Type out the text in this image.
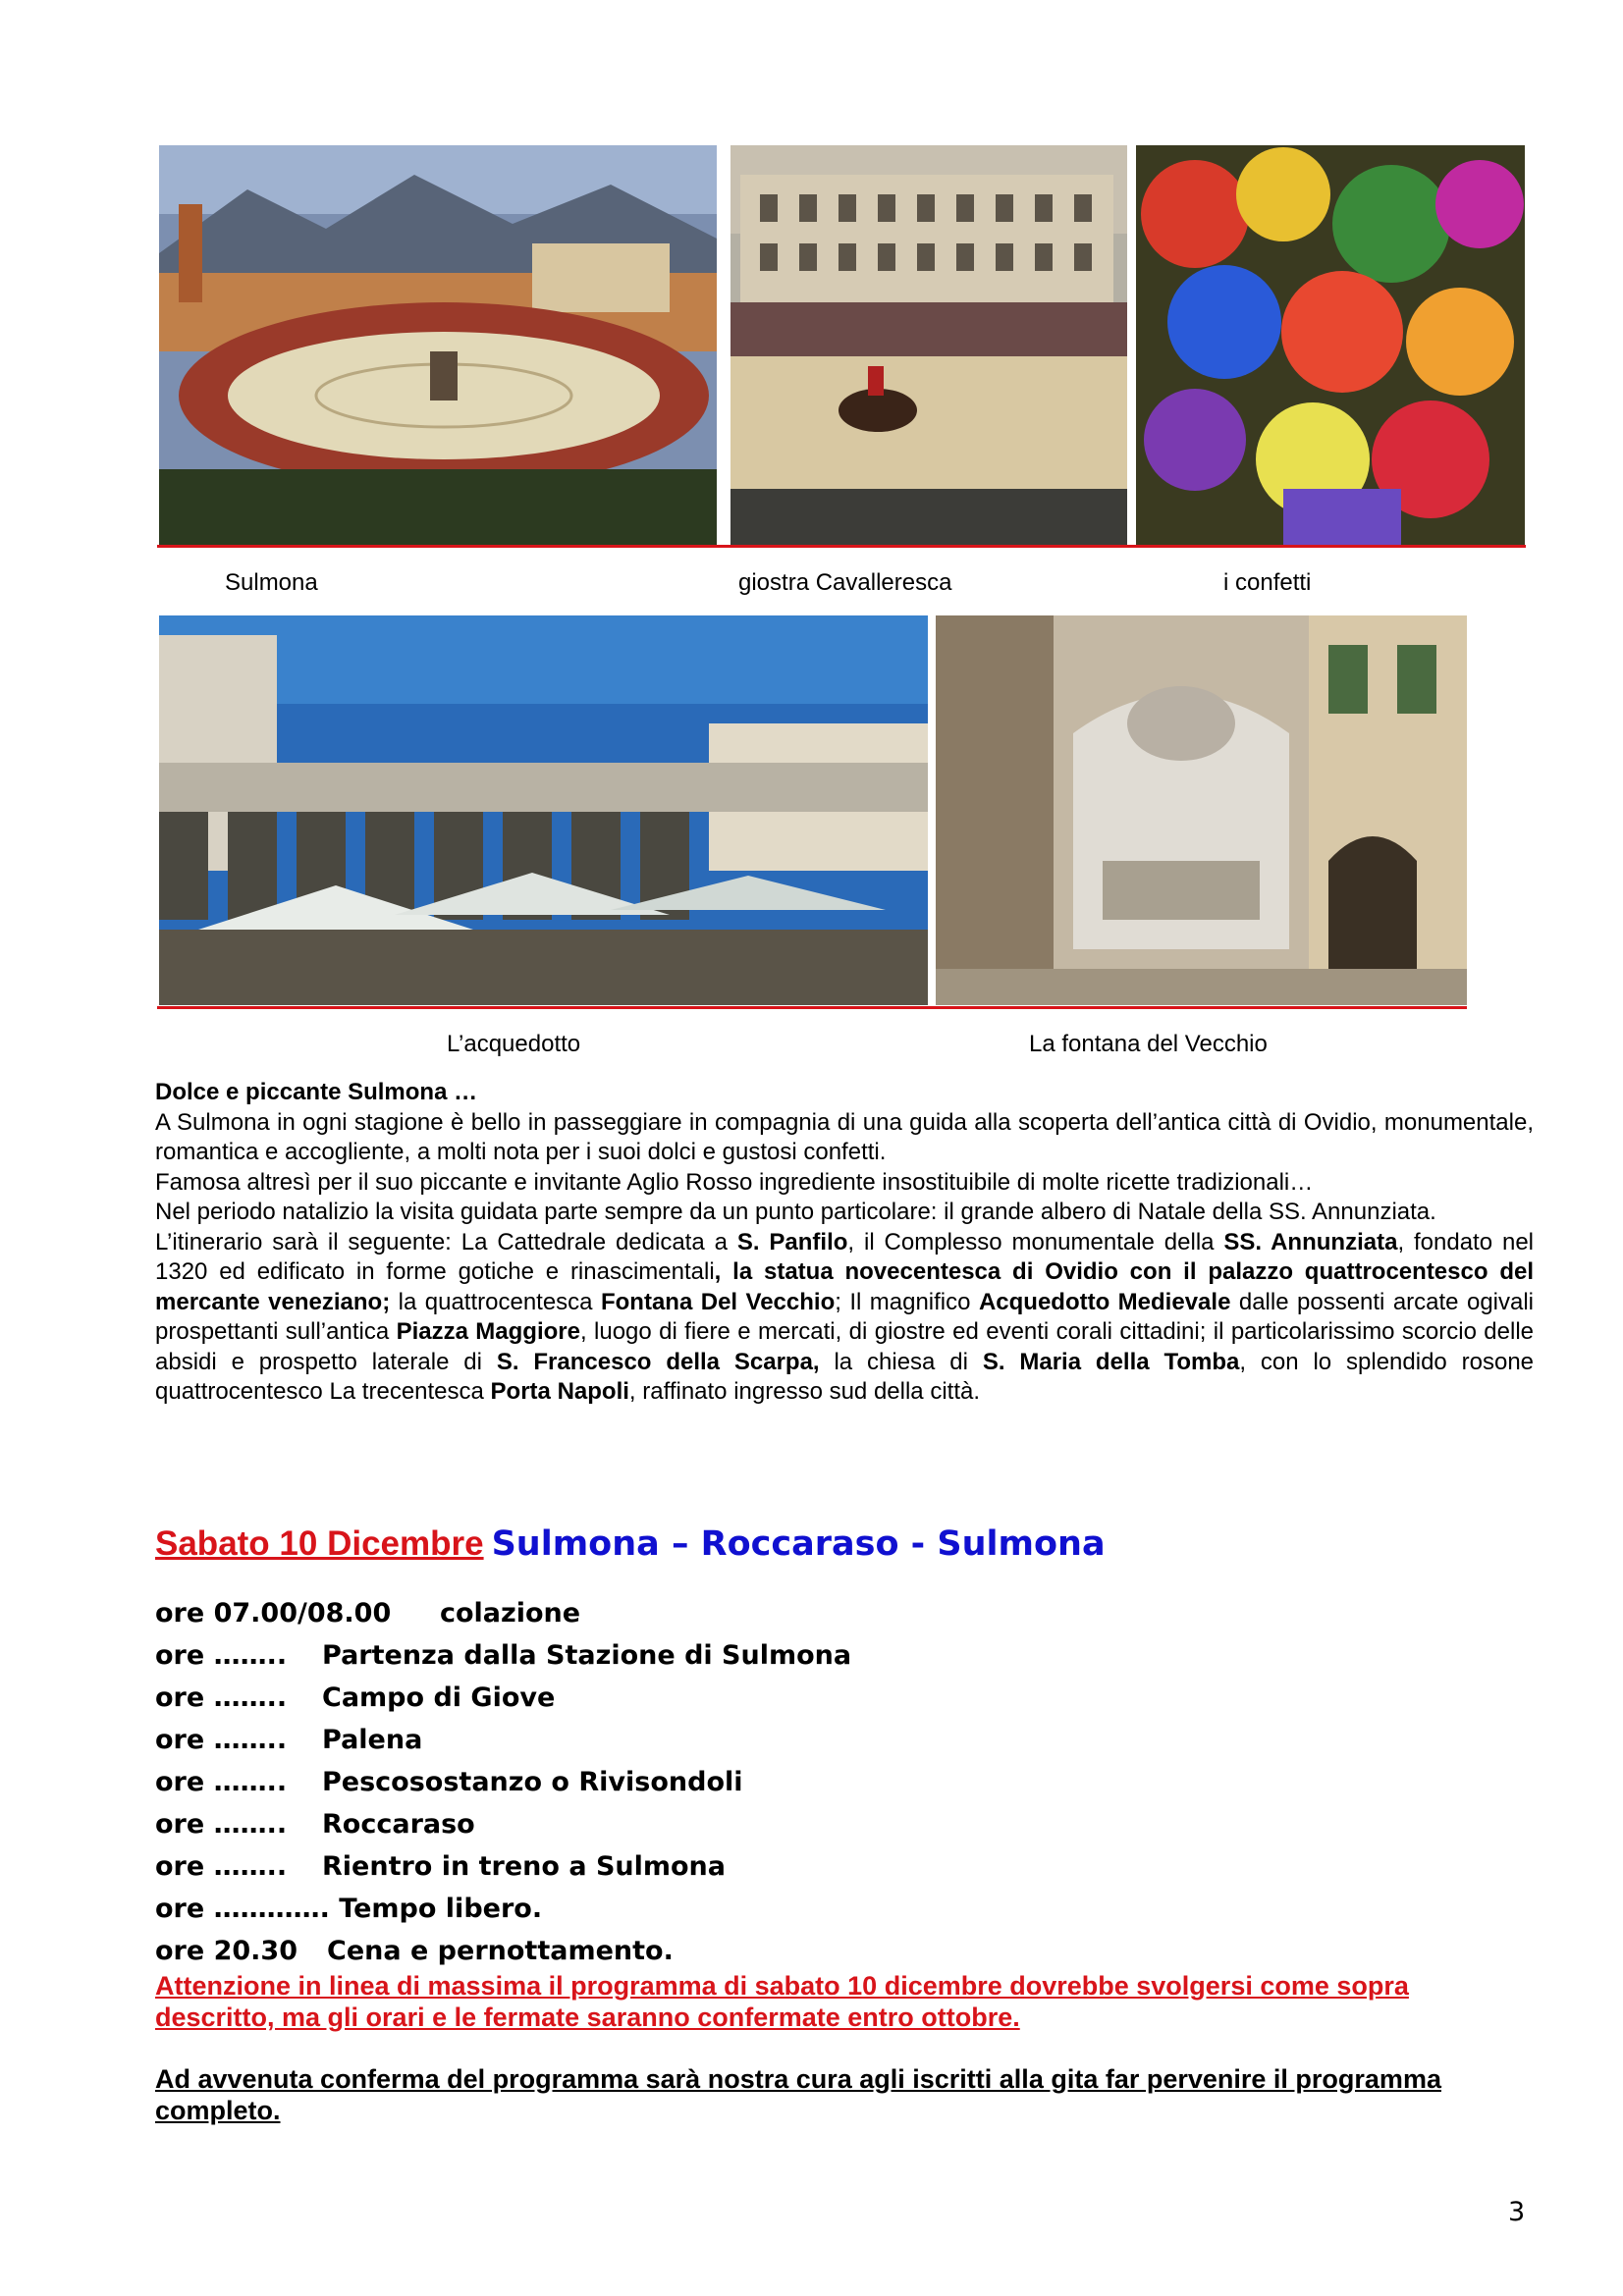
Sulmona	giostra Cavalleresca	i confetti
L’acquedotto	La fontana del Vecchio

Dolce e piccante Sulmona …

A Sulmona in ogni stagione è bello in passeggiare in compagnia di una guida alla scoperta dell’antica città di Ovidio, monumentale, romantica e accogliente, a molti nota per i suoi dolci e gustosi confetti.

Famosa altresì per il suo piccante e invitante Aglio Rosso ingrediente insostituibile di molte ricette tradizionali…

Nel periodo natalizio la visita guidata parte sempre da un punto particolare: il grande albero di Natale della SS. Annunziata.

L’itinerario sarà il seguente: La Cattedrale dedicata a S. Panfilo, il Complesso monumentale della SS. Annunziata, fondato nel 1320 ed edificato in forme gotiche e rinascimentali, la statua novecentesca di Ovidio con il palazzo quattrocentesco del mercante veneziano; la quattrocentesca Fontana Del Vecchio; Il magnifico Acquedotto Medievale dalle possenti arcate ogivali prospettanti sull’antica Piazza Maggiore, luogo di fiere e mercati, di giostre ed eventi corali cittadini; il particolarissimo scorcio delle absidi e prospetto laterale di S. Francesco della Scarpa, la chiesa di S. Maria della Tomba, con lo splendido rosone quattrocentesco La trecentesca Porta Napoli, raffinato ingresso sud della città.

Sabato 10 Dicembre Sulmona – Roccaraso - Sulmona
ore 07.00/08.00 colazione
ore …….. Partenza dalla Stazione di Sulmona
ore …….. Campo di Giove
ore …….. Palena
ore …….. Pescosostanzo o Rivisondoli
ore …….. Roccaraso
ore …….. Rientro in treno a Sulmona
ore …………. Tempo libero.
ore 20.30 Cena e pernottamento.
Attenzione in linea di massima il programma di sabato 10 dicembre dovrebbe svolgersi come sopra descritto, ma gli orari e le fermate saranno confermate entro ottobre.
Ad avvenuta conferma del programma sarà nostra cura agli iscritti alla gita far pervenire il programma completo.
3
